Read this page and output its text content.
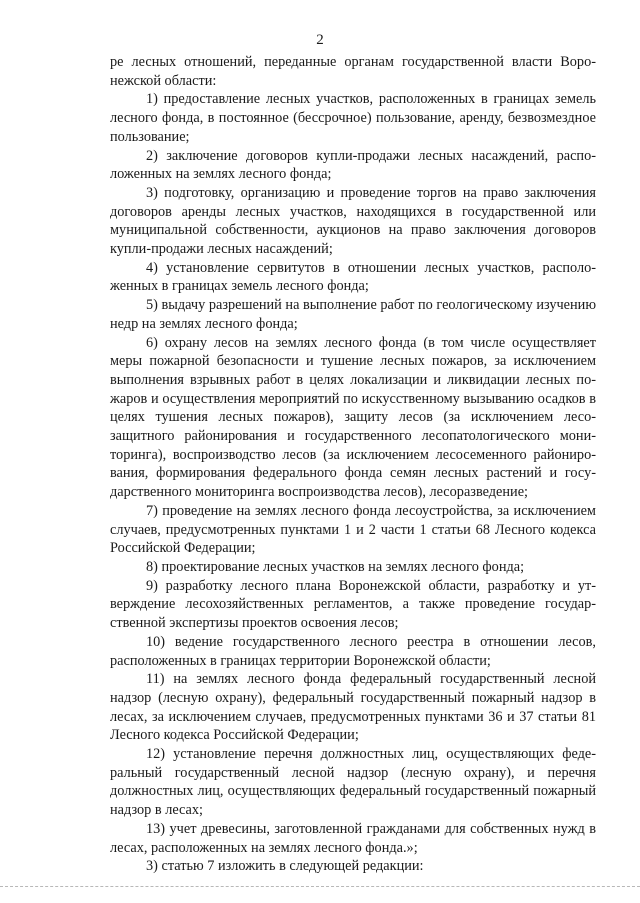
2

ре лесных отношений, переданные органам государственной власти Воронежской области:

1) предоставление лесных участков, расположенных в границах земель лесного фонда, в постоянное (бессрочное) пользование, аренду, безвозмездное пользование;

2) заключение договоров купли-продажи лесных насаждений, расположенных на землях лесного фонда;

3) подготовку, организацию и проведение торгов на право заключения договоров аренды лесных участков, находящихся в государственной или муниципальной собственности, аукционов на право заключения договоров купли-продажи лесных насаждений;

4) установление сервитутов в отношении лесных участков, расположенных в границах земель лесного фонда;

5) выдачу разрешений на выполнение работ по геологическому изучению недр на землях лесного фонда;

6) охрану лесов на землях лесного фонда (в том числе осуществляет меры пожарной безопасности и тушение лесных пожаров, за исключением выполнения взрывных работ в целях локализации и ликвидации лесных пожаров и осуществления мероприятий по искусственному вызыванию осадков в целях тушения лесных пожаров), защиту лесов (за исключением лесозащитного районирования и государственного лесопатологического мониторинга), воспроизводство лесов (за исключением лесосеменного районирования, формирования федерального фонда семян лесных растений и государственного мониторинга воспроизводства лесов), лесоразведение;

7) проведение на землях лесного фонда лесоустройства, за исключением случаев, предусмотренных пунктами 1 и 2 части 1 статьи 68 Лесного кодекса Российской Федерации;

8) проектирование лесных участков на землях лесного фонда;

9) разработку лесного плана Воронежской области, разработку и утверждение лесохозяйственных регламентов, а также проведение государственной экспертизы проектов освоения лесов;

10) ведение государственного лесного реестра в отношении лесов, расположенных в границах территории Воронежской области;

11) на землях лесного фонда федеральный государственный лесной надзор (лесную охрану), федеральный государственный пожарный надзор в лесах, за исключением случаев, предусмотренных пунктами 36 и 37 статьи 81 Лесного кодекса Российской Федерации;

12) установление перечня должностных лиц, осуществляющих федеральный государственный лесной надзор (лесную охрану), и перечня должностных лиц, осуществляющих федеральный государственный пожарный надзор в лесах;

13) учет древесины, заготовленной гражданами для собственных нужд в лесах, расположенных на землях лесного фонда.»;

3) статью 7 изложить в следующей редакции:
